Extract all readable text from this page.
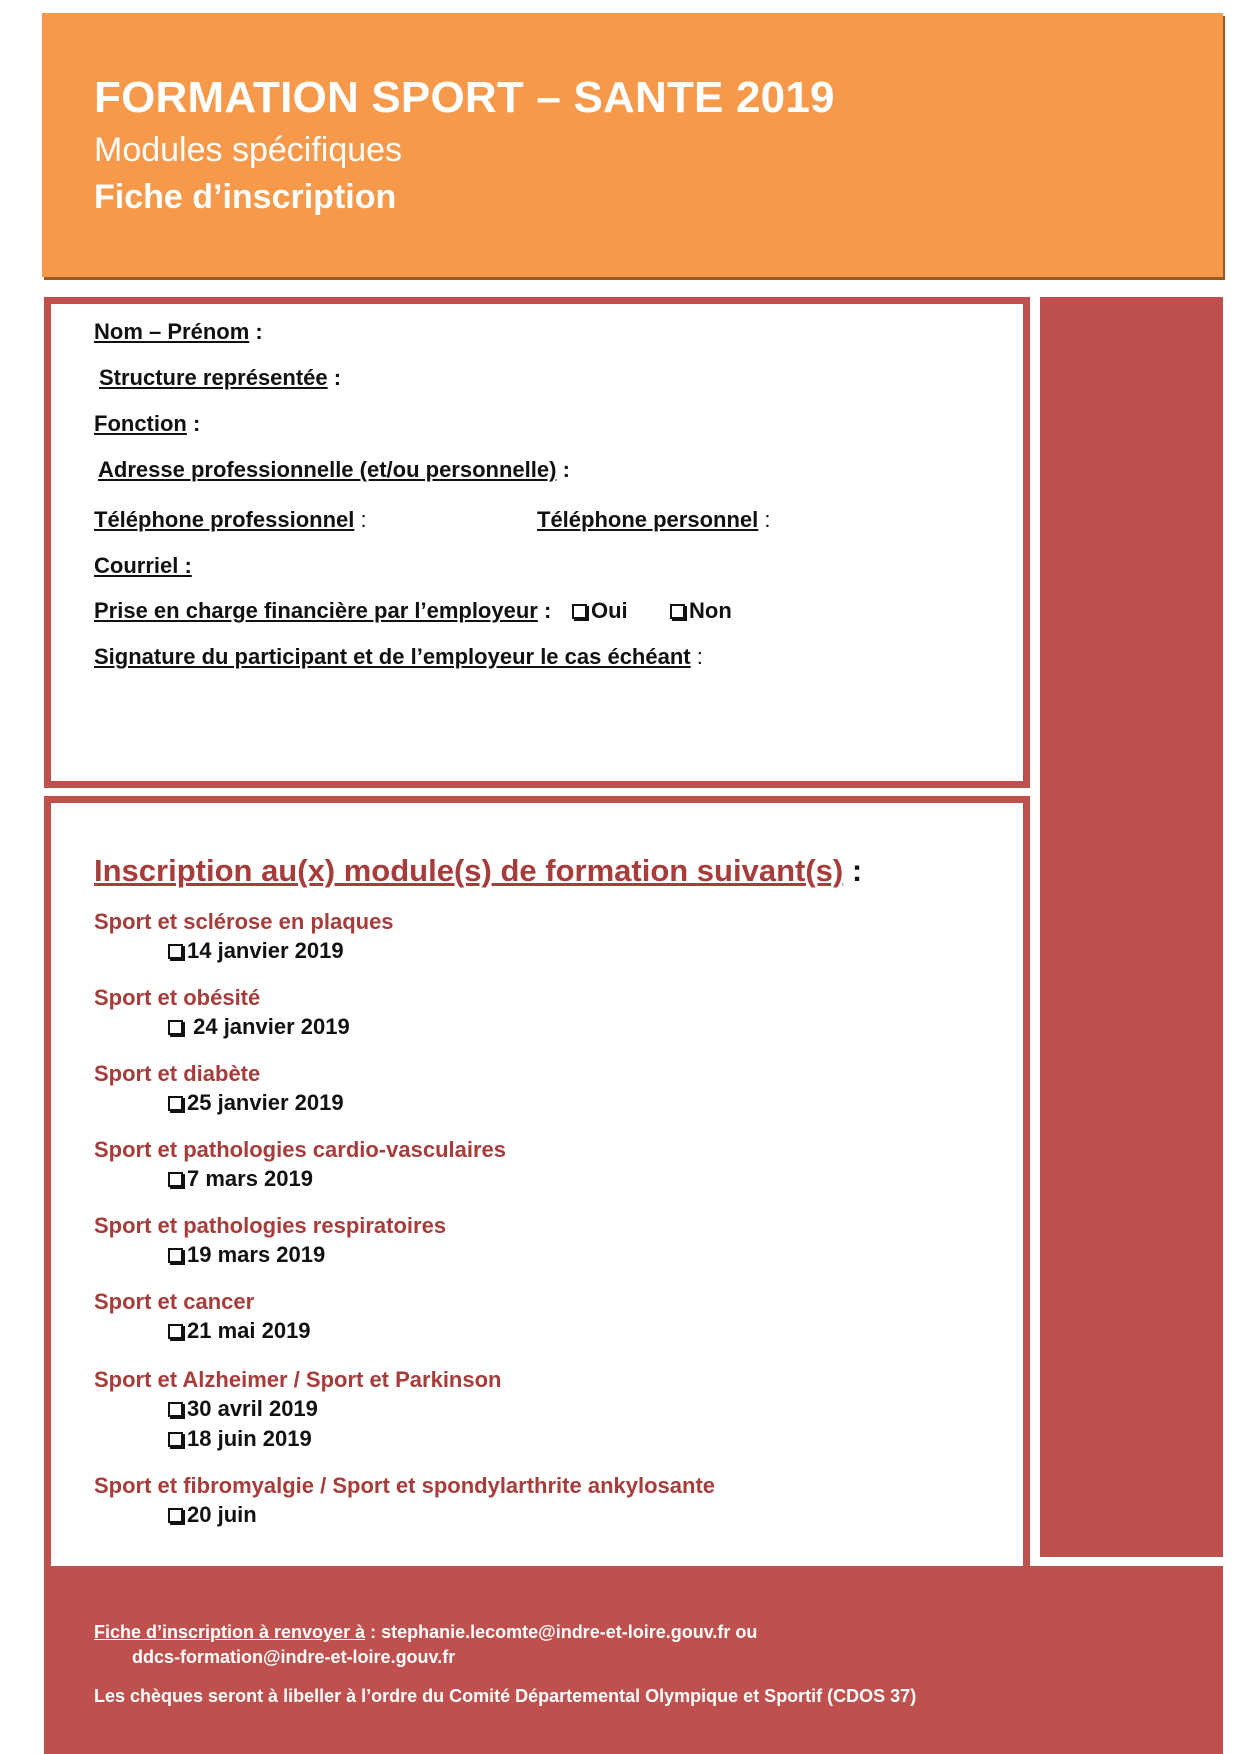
FORMATION SPORT – SANTE 2019
Modules spécifiques
Fiche d’inscription
Nom – Prénom :
Structure représentée :
Fonction :
Adresse professionnelle (et/ou personnelle) :
Téléphone professionnel :	Téléphone personnel :
Courriel :
Prise en charge financière par l’employeur :	Oui	Non
Signature du participant et de l’employeur le cas échéant :
Inscription au(x) module(s) de formation suivant(s) :
Sport et sclérose en plaques
14 janvier 2019
Sport et obésité
24 janvier 2019
Sport et diabète
25 janvier 2019
Sport et pathologies cardio-vasculaires
7 mars 2019
Sport et pathologies respiratoires
19 mars 2019
Sport et cancer
21 mai 2019
Sport et Alzheimer / Sport et Parkinson
30 avril 2019
18 juin 2019
Sport et fibromyalgie / Sport et spondylarthrite ankylosante
20 juin
Fiche d’inscription à renvoyer à : stephanie.lecomte@indre-et-loire.gouv.fr ou
ddcs-formation@indre-et-loire.gouv.fr
Les chèques seront à libeller à l’ordre du Comité Départemental Olympique et Sportif (CDOS 37)
